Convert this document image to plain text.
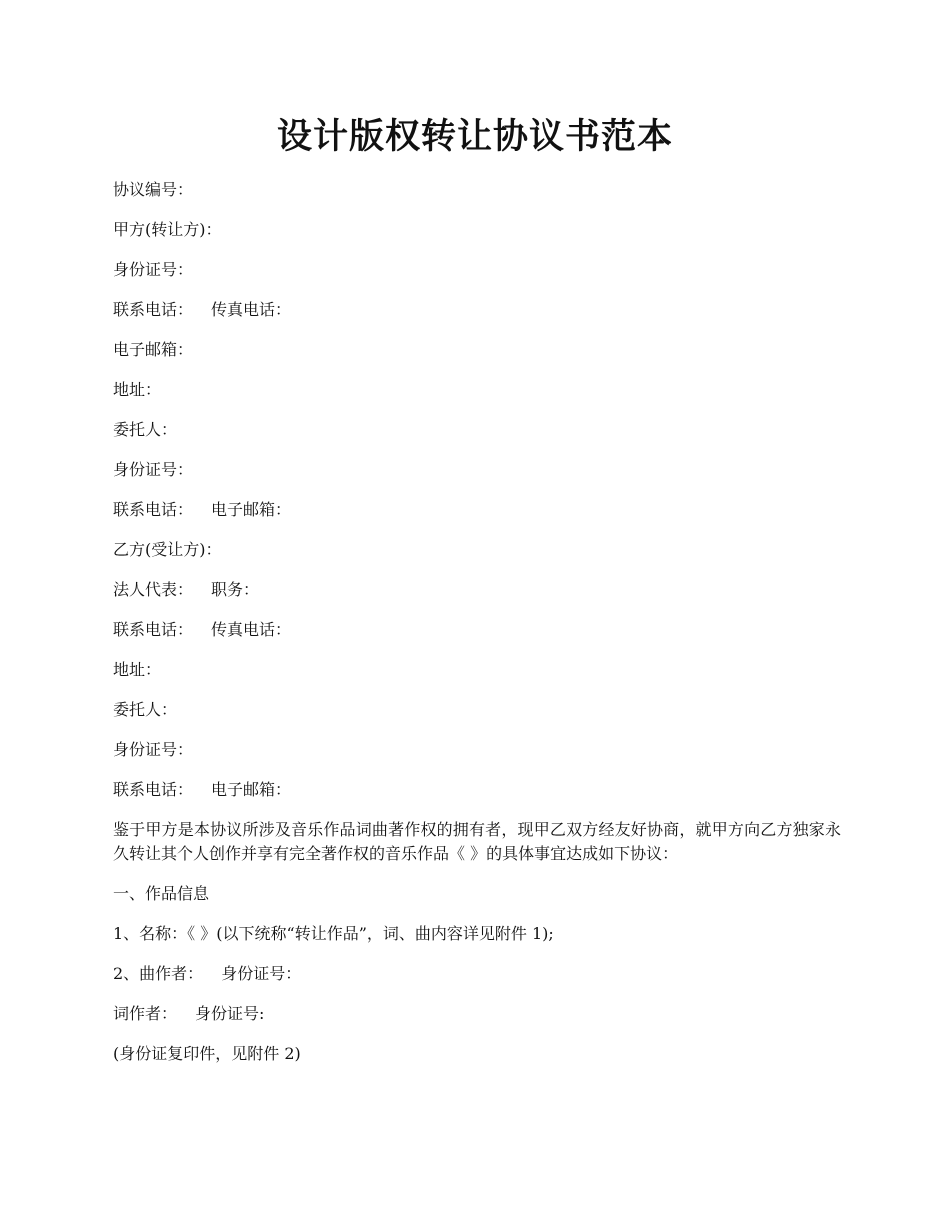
设计版权转让协议书范本
协议编号：
甲方(转让方)：
身份证号：
联系电话： 传真电话：
电子邮箱：
地址：
委托人：
身份证号：
联系电话： 电子邮箱：
乙方(受让方)：
法人代表： 职务：
联系电话： 传真电话：
地址：
委托人：
身份证号：
联系电话： 电子邮箱：
鉴于甲方是本协议所涉及音乐作品词曲著作权的拥有者，现甲乙双方经友好协商，就甲方向乙方独家永久转让其个人创作并享有完全著作权的音乐作品《 》的具体事宜达成如下协议：
一、作品信息
1、名称：《 》(以下统称“转让作品”，词、曲内容详见附件 1);
2、曲作者： 身份证号：
词作者： 身份证号:
(身份证复印件，见附件 2)
